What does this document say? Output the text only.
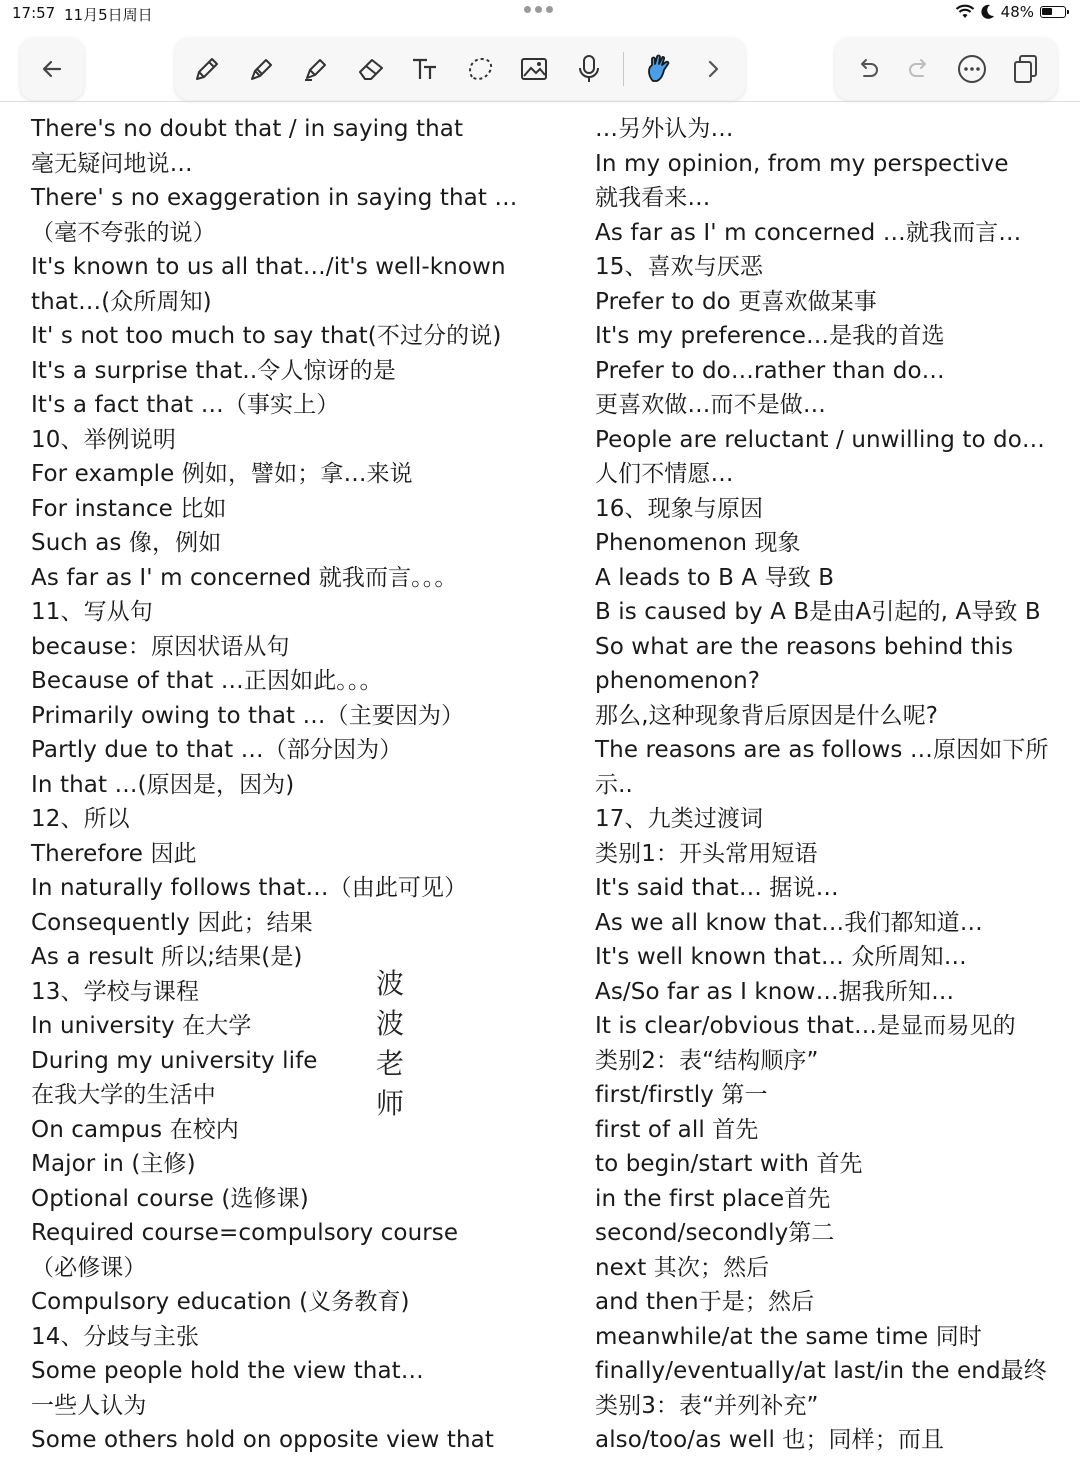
17:57 11月5日周日	48%
There's no doubt that / in saying that
毫无疑问地说…
There' s no exaggeration in saying that …
（毫不夸张的说）
It's known to us all that…/it's well-known
that…(众所周知)
It' s not too much to say that(不过分的说)
It's a surprise that..令人惊讶的是
It's a fact that …（事实上）
10、举例说明
For example 例如，譬如；拿…来说
For instance 比如
Such as 像，例如
As far as I' m concerned 就我而言。。。
11、写从句
because：原因状语从句
Because of that …正因如此。。。
Primarily owing to that …（主要因为）
Partly due to that …（部分因为）
In that …(原因是，因为)
12、所以
Therefore 因此
In naturally follows that…（由此可见）
Consequently 因此；结果
As a result 所以;结果(是)
13、学校与课程
In university 在大学
During my university life
在我大学的生活中
On campus 在校内
Major in (主修)
Optional course (选修课)
Required course=compulsory course
（必修课）
Compulsory education (义务教育)
14、分歧与主张
Some people hold the view that…
一些人认为
Some others hold on opposite view that
…另外认为…
In my opinion, from my perspective
就我看来…
As far as I' m concerned …就我而言…
15、喜欢与厌恶
Prefer to do 更喜欢做某事
It's my preference…是我的首选
Prefer to do…rather than do…
更喜欢做…而不是做…
People are reluctant / unwilling to do…
人们不情愿…
16、现象与原因
Phenomenon 现象
A leads to B A 导致 B
B is caused by A B是由A引起的, A导致 B
So what are the reasons behind this
phenomenon?
那么,这种现象背后原因是什么呢?
The reasons are as follows …原因如下所
示..
17、九类过渡词
类别1：开头常用短语
It's said that… 据说…
As we all know that…我们都知道…
It's well known that… 众所周知…
As/So far as I know…据我所知…
It is clear/obvious that…是显而易见的
类别2：表“结构顺序”
first/firstly 第一
first of all 首先
to begin/start with 首先
in the first place首先
second/secondly第二
next 其次；然后
and then于是；然后
meanwhile/at the same time 同时
finally/eventually/at last/in the end最终
类别3：表“并列补充”
also/too/as well 也；同样；而且
波
波
老
师
